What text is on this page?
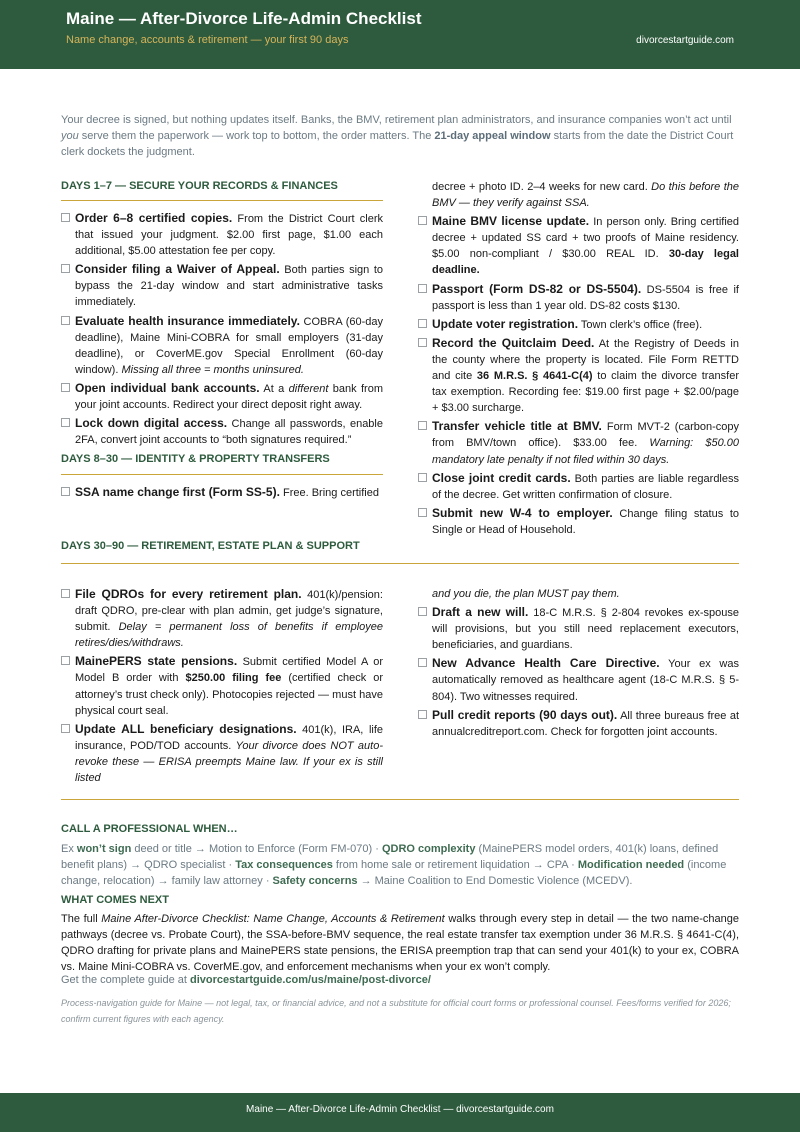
Maine — After-Divorce Life-Admin Checklist
Name change, accounts & retirement — your first 90 days	divorcestartguide.com
Your decree is signed, but nothing updates itself. Banks, the BMV, retirement plan administrators, and insurance companies won’t act until you serve them the paperwork — work top to bottom, the order matters. The 21-day appeal window starts from the date the District Court clerk dockets the judgment.
DAYS 1–7 — SECURE YOUR RECORDS & FINANCES
Order 6–8 certified copies. From the District Court clerk that issued your judgment. $2.00 first page, $1.00 each additional, $5.00 attestation fee per copy.
Consider filing a Waiver of Appeal. Both parties sign to bypass the 21-day window and start administrative tasks immediately.
Evaluate health insurance immediately. COBRA (60-day deadline), Maine Mini-COBRA for small employers (31-day deadline), or CoverME.gov Special Enrollment (60-day window). Missing all three = months uninsured.
Open individual bank accounts. At a different bank from your joint accounts. Redirect your direct deposit right away.
Lock down digital access. Change all passwords, enable 2FA, convert joint accounts to “both signatures required.”
DAYS 8–30 — IDENTITY & PROPERTY TRANSFERS
SSA name change first (Form SS-5). Free. Bring certified
decree + photo ID. 2–4 weeks for new card. Do this before the BMV — they verify against SSA.
Maine BMV license update. In person only. Bring certified decree + updated SS card + two proofs of Maine residency. $5.00 non-compliant / $30.00 REAL ID. 30-day legal deadline.
Passport (Form DS-82 or DS-5504). DS-5504 is free if passport is less than 1 year old. DS-82 costs $130.
Update voter registration. Town clerk’s office (free).
Record the Quitclaim Deed. At the Registry of Deeds in the county where the property is located. File Form RETTD and cite 36 M.R.S. § 4641-C(4) to claim the divorce transfer tax exemption. Recording fee: $19.00 first page + $2.00/page + $3.00 surcharge.
Transfer vehicle title at BMV. Form MVT-2 (carbon-copy from BMV/town office). $33.00 fee. Warning: $50.00 mandatory late penalty if not filed within 30 days.
Close joint credit cards. Both parties are liable regardless of the decree. Get written confirmation of closure.
Submit new W-4 to employer. Change filing status to Single or Head of Household.
DAYS 30–90 — RETIREMENT, ESTATE PLAN & SUPPORT
File QDROs for every retirement plan. 401(k)/pension: draft QDRO, pre-clear with plan admin, get judge’s signature, submit. Delay = permanent loss of benefits if employee retires/dies/withdraws.
MainePERS state pensions. Submit certified Model A or Model B order with $250.00 filing fee (certified check or attorney’s trust check only). Photocopies rejected — must have physical court seal.
Update ALL beneficiary designations. 401(k), IRA, life insurance, POD/TOD accounts. Your divorce does NOT auto-revoke these — ERISA preempts Maine law. If your ex is still listed
and you die, the plan MUST pay them.
Draft a new will. 18-C M.R.S. § 2-804 revokes ex-spouse will provisions, but you still need replacement executors, beneficiaries, and guardians.
New Advance Health Care Directive. Your ex was automatically removed as healthcare agent (18-C M.R.S. § 5-804). Two witnesses required.
Pull credit reports (90 days out). All three bureaus free at annualcreditreport.com. Check for forgotten joint accounts.
CALL A PROFESSIONAL WHEN…
Ex won’t sign deed or title → Motion to Enforce (Form FM-070) · QDRO complexity (MainePERS model orders, 401(k) loans, defined benefit plans) → QDRO specialist · Tax consequences from home sale or retirement liquidation → CPA · Modification needed (income change, relocation) → family law attorney · Safety concerns → Maine Coalition to End Domestic Violence (MCEDV).
WHAT COMES NEXT
The full Maine After-Divorce Checklist: Name Change, Accounts & Retirement walks through every step in detail — the two name-change pathways (decree vs. Probate Court), the SSA-before-BMV sequence, the real estate transfer tax exemption under 36 M.R.S. § 4641-C(4), QDRO drafting for private plans and MainePERS state pensions, the ERISA preemption trap that can send your 401(k) to your ex, COBRA vs. Maine Mini-COBRA vs. CoverME.gov, and enforcement mechanisms when your ex won’t comply.
Get the complete guide at divorcestartguide.com/us/maine/post-divorce/
Process-navigation guide for Maine — not legal, tax, or financial advice, and not a substitute for official court forms or professional counsel. Fees/forms verified for 2026; confirm current figures with each agency.
Maine — After-Divorce Life-Admin Checklist — divorcestartguide.com
